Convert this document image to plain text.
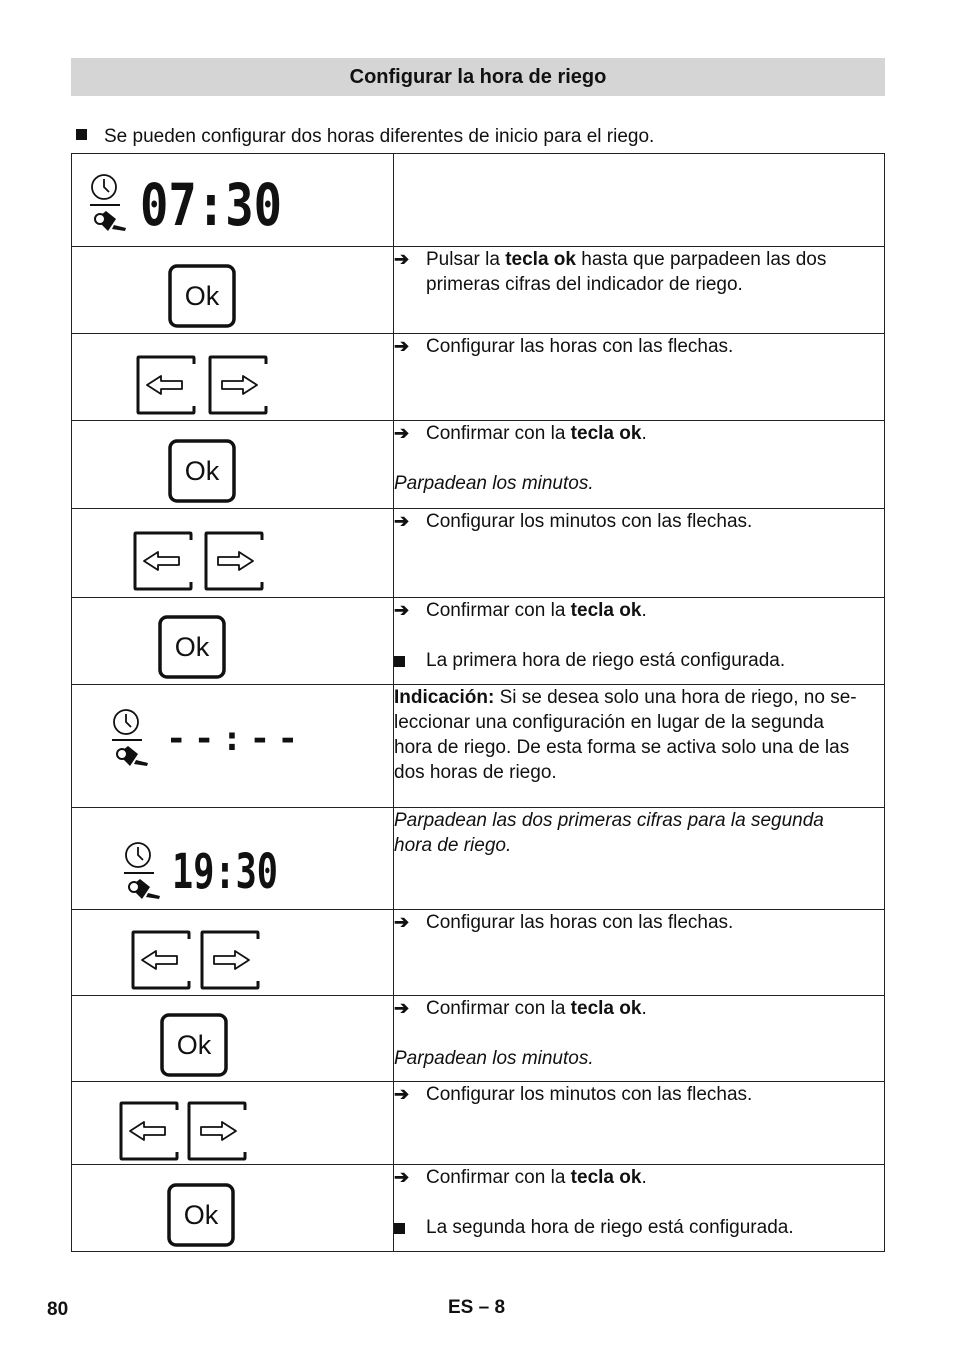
Configurar la hora de riego
Se pueden configurar dos horas diferentes de inicio para el riego.
07:30	

Ok	➔ Pulsar la tecla ok hasta que parpadeen las dos primeras cifras del indicador de riego.

➔ Configurar las horas con las flechas.

Ok	➔ Confirmar con la tecla ok.
Parpadean los minutos.

➔ Configurar los minutos con las flechas.

Ok	➔ Confirmar con la tecla ok.
La primera hora de riego está configurada.

--:--	Indicación: Si se desea solo una hora de riego, no se-
leccionar una configuración en lugar de la segunda
hora de riego. De esta forma se activa solo una de las
dos horas de riego.

19:30	Parpadean las dos primeras cifras para la segunda
hora de riego.

➔ Configurar las horas con las flechas.

Ok	➔ Confirmar con la tecla ok.
Parpadean los minutos.

➔ Configurar los minutos con las flechas.

Ok	➔ Confirmar con la tecla ok.
La segunda hora de riego está configurada.
80	ES – 8
